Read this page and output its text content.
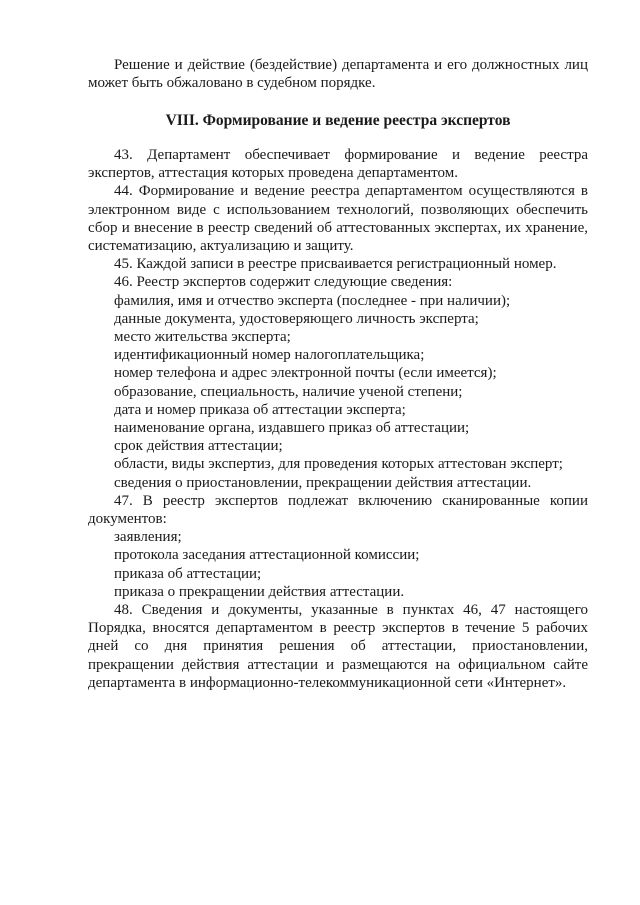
Решение и действие (бездействие) департамента и его должностных лиц

может быть обжаловано в судебном порядке.

VIII. Формирование и ведение реестра экспертов

43. Департамент обеспечивает формирование и ведение реестра экспертов, аттестация которых проведена департаментом.

44. Формирование и ведение реестра департаментом осуществляются в электронном виде с использованием технологий, позволяющих обеспечить сбор и внесение в реестр сведений об аттестованных экспертах, их хранение, систематизацию, актуализацию и защиту.

45. Каждой записи в реестре присваивается регистрационный номер.

46. Реестр экспертов содержит следующие сведения:

фамилия, имя и отчество эксперта (последнее - при наличии);

данные документа, удостоверяющего личность эксперта;

место жительства эксперта;

идентификационный номер налогоплательщика;

номер телефона и адрес электронной почты (если имеется);

образование, специальность, наличие ученой степени;

дата и номер приказа об аттестации эксперта;

наименование органа, издавшего приказ об аттестации;

срок действия аттестации;

области, виды экспертиз, для проведения которых аттестован эксперт;

сведения о приостановлении, прекращении действия аттестации.

47. В реестр экспертов подлежат включению сканированные копии документов:

заявления;

протокола заседания аттестационной комиссии;

приказа об аттестации;

приказа о прекращении действия аттестации.

48. Сведения и документы, указанные в пунктах 46, 47 настоящего Порядка, вносятся департаментом в реестр экспертов в течение 5 рабочих дней со дня принятия решения об аттестации, приостановлении, прекращении действия аттестации и размещаются на официальном сайте департамента в информационно-телекоммуникационной сети «Интернет».
